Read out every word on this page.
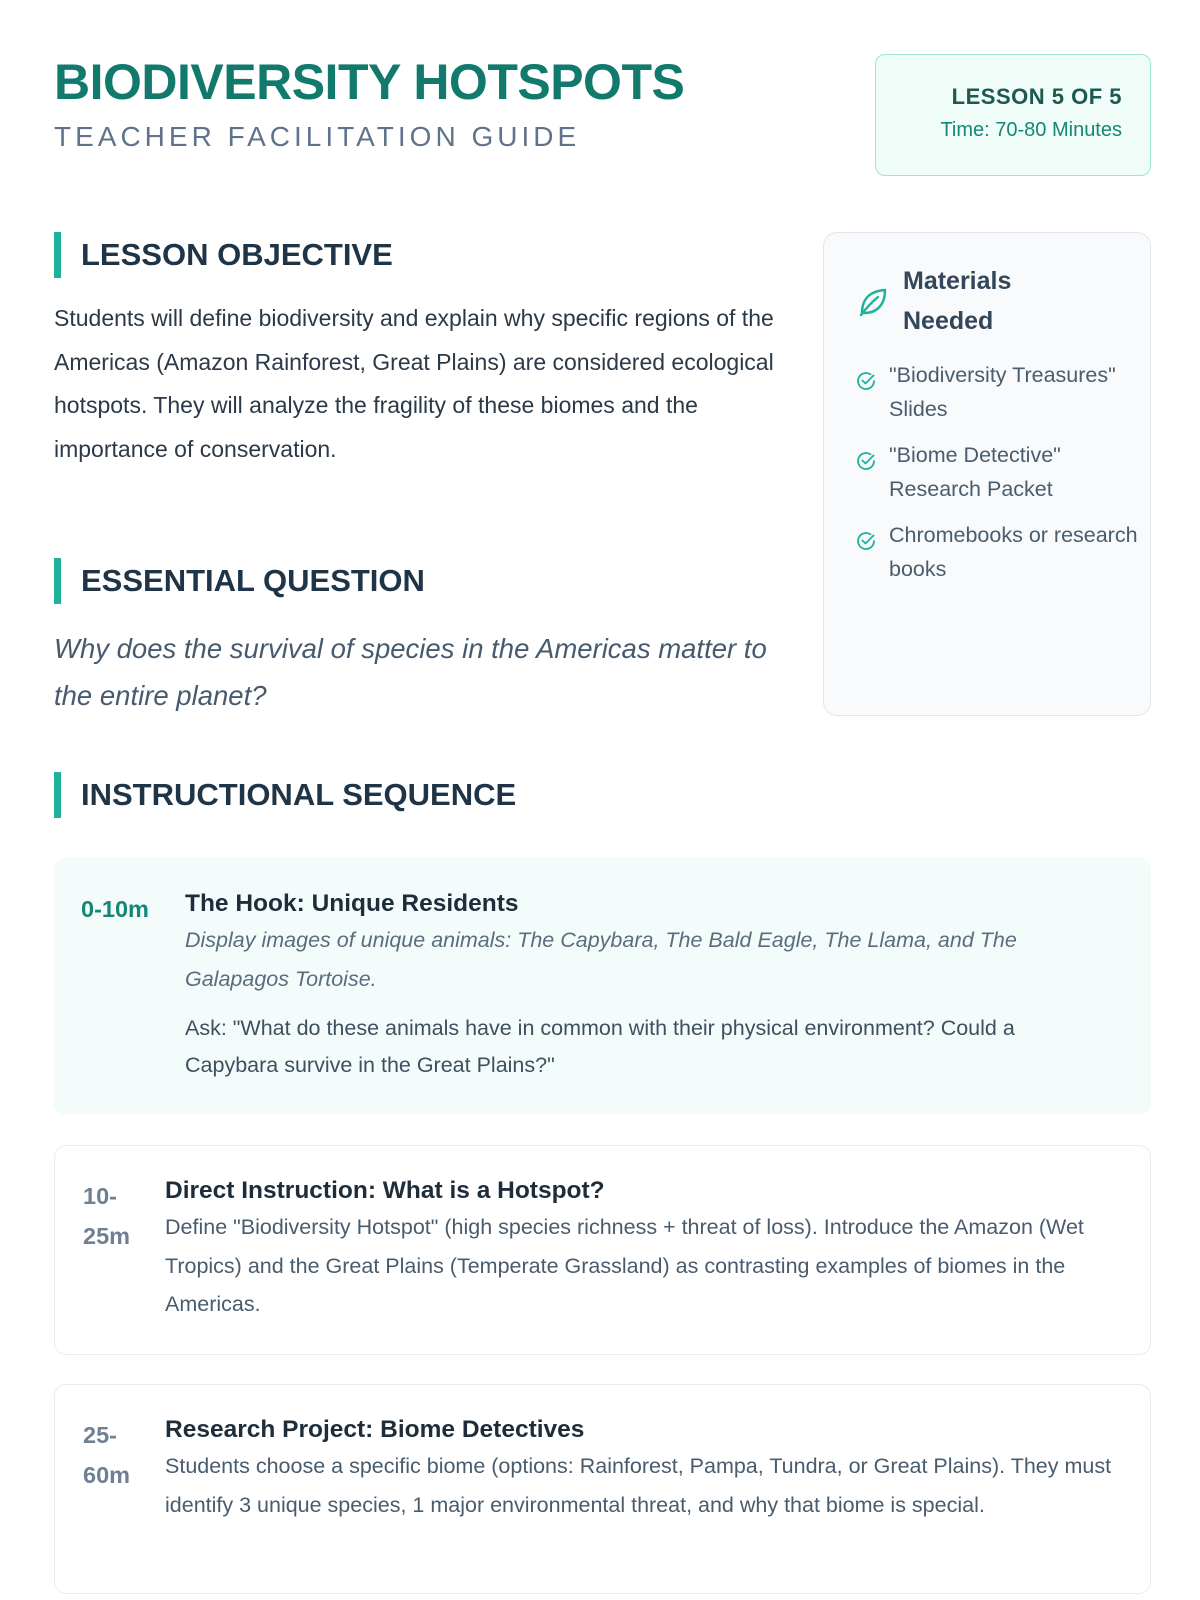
BIODIVERSITY HOTSPOTS
TEACHER FACILITATION GUIDE
LESSON 5 OF 5
Time: 70-80 Minutes
LESSON OBJECTIVE

Students will define biodiversity and explain why specific regions of the Americas (Amazon Rainforest, Great Plains) are considered ecological hotspots. They will analyze the fragility of these biomes and the importance of conservation.

ESSENTIAL QUESTION

Why does the survival of species in the Americas matter to the entire planet?

Materials Needed
"Biodiversity Treasures" Slides
"Biome Detective" Research Packet
Chromebooks or research books
INSTRUCTIONAL SEQUENCE
0-10m The Hook: Unique Residents

Display images of unique animals: The Capybara, The Bald Eagle, The Llama, and The Galapagos Tortoise.

Ask: "What do these animals have in common with their physical environment? Could a Capybara survive in the Great Plains?"

10-25m
Direct Instruction: What is a Hotspot?

Define "Biodiversity Hotspot" (high species richness + threat of loss). Introduce the Amazon (Wet Tropics) and the Great Plains (Temperate Grassland) as contrasting examples of biomes in the Americas.

25-60m
Research Project: Biome Detectives

Students choose a specific biome (options: Rainforest, Pampa, Tundra, or Great Plains). They must identify 3 unique species, 1 major environmental threat, and why that biome is special.
